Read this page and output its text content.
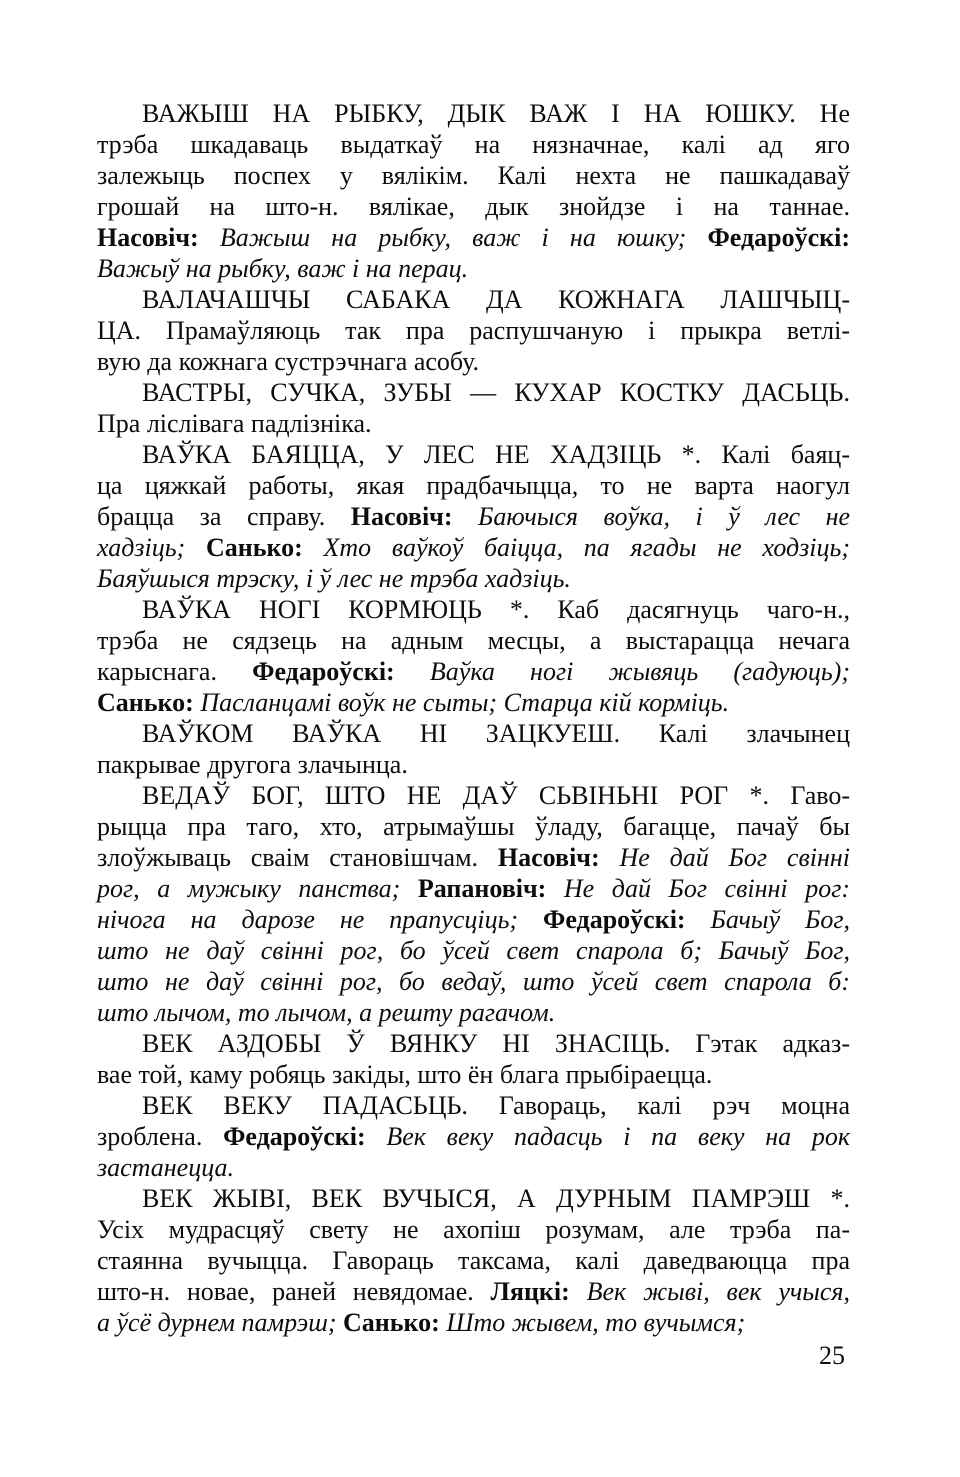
ВАЖЫШ НА РЫБКУ, ДЫК ВАЖ І НА ЮШКУ. Не
трэба шкадаваць выдаткаў на нязначнае, калі ад яго
залежыць поспех у вялікім. Калі нехта не пашкадаваў
грошай на што-н. вялікае, дык знойдзе і на таннае.
Насовіч: Важыш на рыбку, важ і на юшку; Федароўскі:
Важыў на рыбку, важ і на перац.
ВАЛАЧАШЧЫ САБАКА ДА КОЖНАГА ЛАШЧЫЦ-
ЦА. Прамаўляюць так пра распушчаную і прыкра ветлі-
вую да кожнага сустрэчнага асобу.
ВАСТРЫ, СУЧКА, ЗУБЫ — КУХАР КОСТКУ ДАСЬЦЬ.
Пра ліслівага падлізніка.
ВАЎКА БАЯЦЦА, У ЛЕС НЕ ХАДЗІЦЬ *. Калі баяц-
ца цяжкай работы, якая прадбачыцца, то не варта наогул
брацца за справу. Насовіч: Баючыся воўка, і ў лес не
хадзіць; Санько: Хто ваўкоў баіцца, па ягады не ходзіць;
Баяўшыся трэску, і ў лес не трэба хадзіць.
ВАЎКА НОГІ КОРМЮЦЬ *. Каб дасягнуць чаго-н.,
трэба не сядзець на адным месцы, а выстарацца нечага
карыснага. Федароўскі: Ваўка ногі жывяць (гадуюць);
Санько: Пасланцамі воўк не сыты; Старца кій корміць.
ВАЎКОМ ВАЎКА НІ ЗАЦКУЕШ. Калі злачынец
пакрывае другога злачынца.
ВЕДАЎ БОГ, ШТО НЕ ДАЎ СЬВІНЬНІ РОГ *. Гаво-
рыцца пра таго, хто, атрымаўшы ўладу, багацце, пачаў бы
злоўжываць сваім становішчам. Насовіч: Не дай Бог свінні
рог, а мужыку панства; Рапановіч: Не дай Бог свінні рог:
нічога на дарозе не прапусціць; Федароўскі: Бачыў Бог,
што не даў свінні рог, бо ўсей свет спарола б; Бачыў Бог,
што не даў свінні рог, бо ведаў, што ўсей свет спарола б:
што лычом, то лычом, а решту рагачом.
ВЕК АЗДОБЫ Ў ВЯНКУ НІ ЗНАСІЦЬ. Гэтак адказ-
вае той, каму робяць закіды, што ён блага прыбіраецца.
ВЕК ВЕКУ ПАДАСЬЦЬ. Гавораць, калі рэч моцна
зроблена. Федароўскі: Век веку падасць і па веку на рок
застанецца.
ВЕК ЖЫВІ, ВЕК ВУЧЫСЯ, А ДУРНЫМ ПАМРЭШ *.
Усіх мудрасцяў свету не ахопіш розумам, але трэба па-
стаянна вучыцца. Гавораць таксама, калі даведваюцца пра
што-н. новае, раней невядомае. Ляцкі: Век жыві, век учыся,
а ўсё дурнем памрэш; Санько: Што жывем, то вучымся;
25
